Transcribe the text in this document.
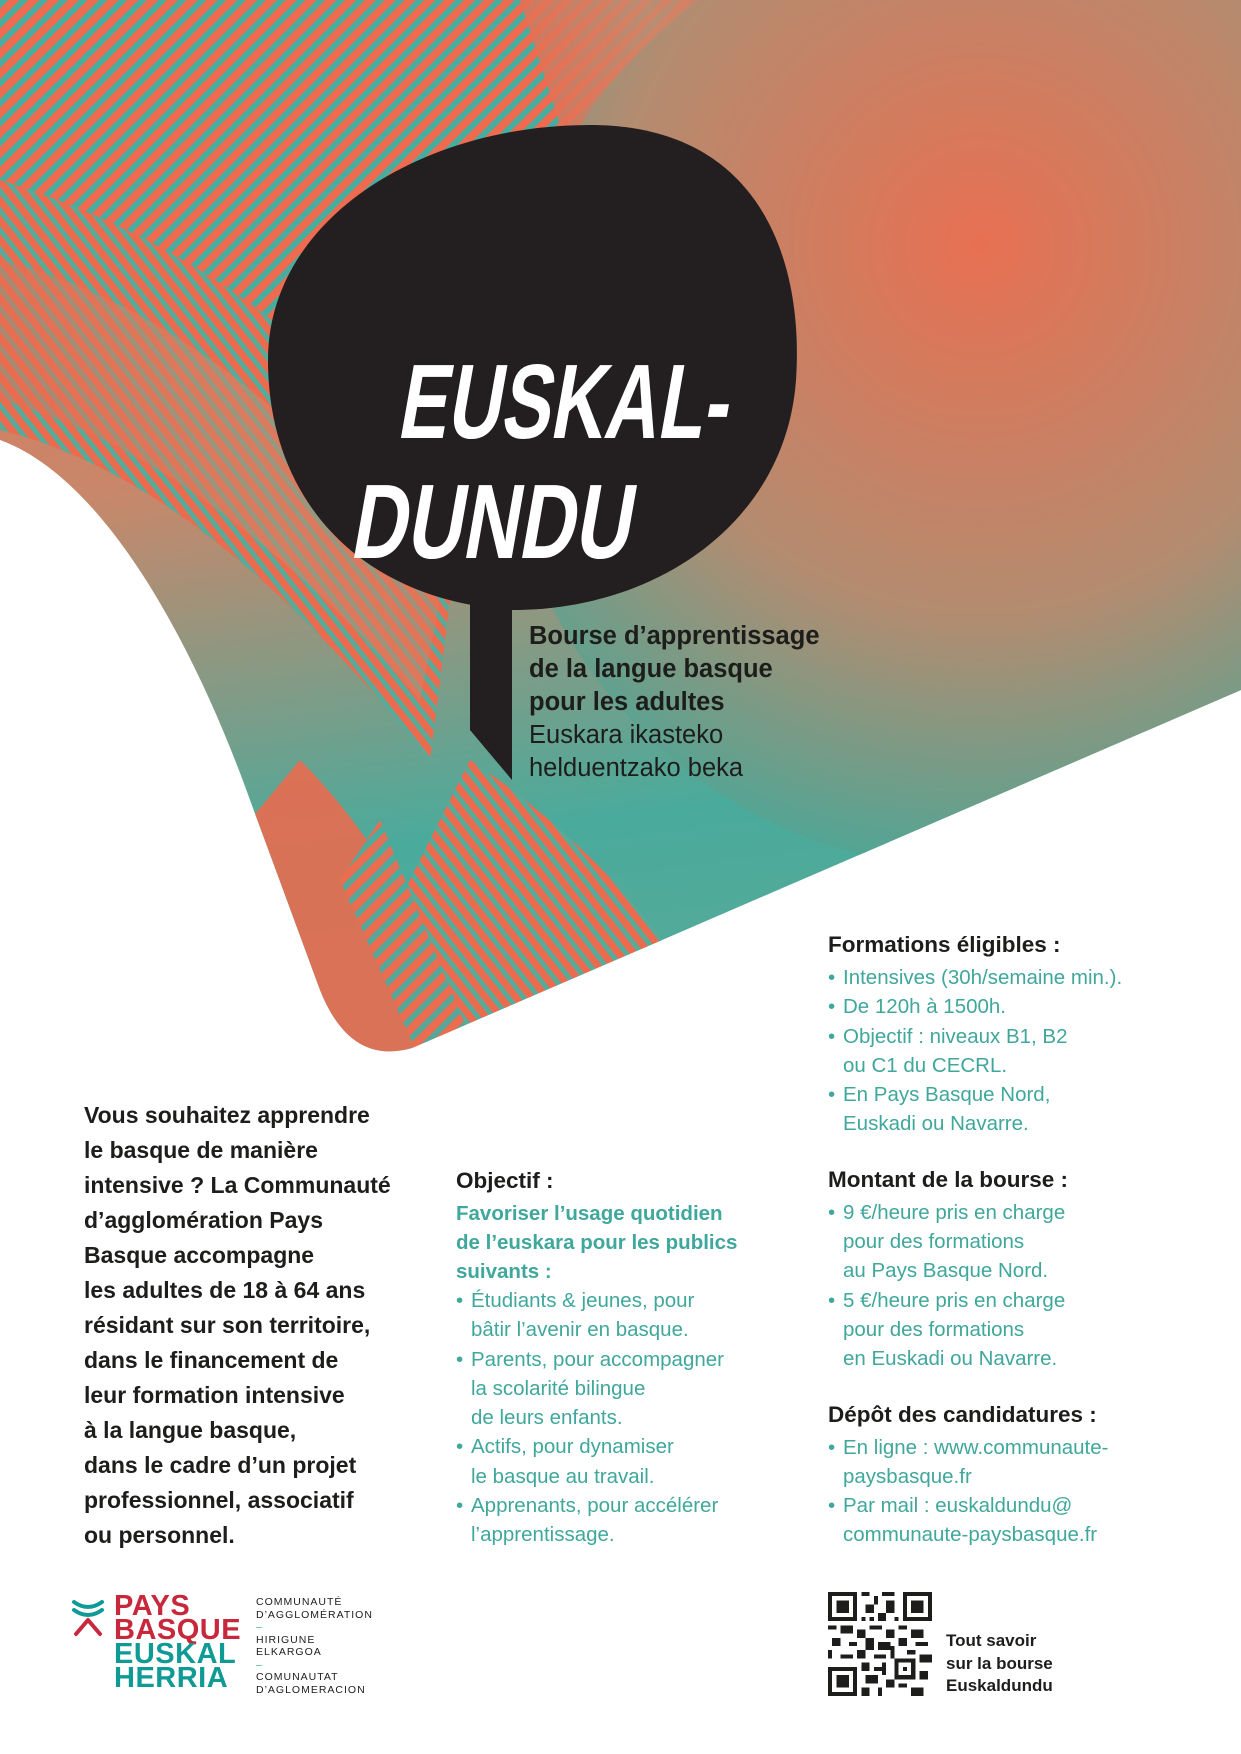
EUSKAL-
DUNDU
Bourse d’apprentissage
de la langue basque
pour les adultes
Euskara ikasteko
helduentzako beka
Vous souhaitez apprendre
le basque de manière
intensive ? La Communauté
d’agglomération Pays
Basque accompagne
les adultes de 18 à 64 ans
résidant sur son territoire,
dans le financement de
leur formation intensive
à la langue basque,
dans le cadre d’un projet
professionnel, associatif
ou personnel.
Objectif :
Favoriser l’usage quotidien
de l’euskara pour les publics
suivants :
• Étudiants & jeunes, pour
bâtir l’avenir en basque.
• Parents, pour accompagner
la scolarité bilingue
de leurs enfants.
• Actifs, pour dynamiser
le basque au travail.
• Apprenants, pour accélérer
l’apprentissage.
Formations éligibles :
• Intensives (30h/semaine min.).
• De 120h à 1500h.
• Objectif : niveaux B1, B2
ou C1 du CECRL.
• En Pays Basque Nord,
Euskadi ou Navarre.
Montant de la bourse :
• 9 €/heure pris en charge
pour des formations
au Pays Basque Nord.
• 5 €/heure pris en charge
pour des formations
en Euskadi ou Navarre.
Dépôt des candidatures :
• En ligne : www.communaute-
paysbasque.fr
• Par mail : euskaldundu@
communaute-paysbasque.fr
PAYS
BASQUE
EUSKAL
HERRIA
COMMUNAUTÉ
D’AGGLOMÉRATION
–
HIRIGUNE
ELKARGOA
–
COMUNAUTAT
D’AGLOMERACION
Tout savoir
sur la bourse
Euskaldundu
